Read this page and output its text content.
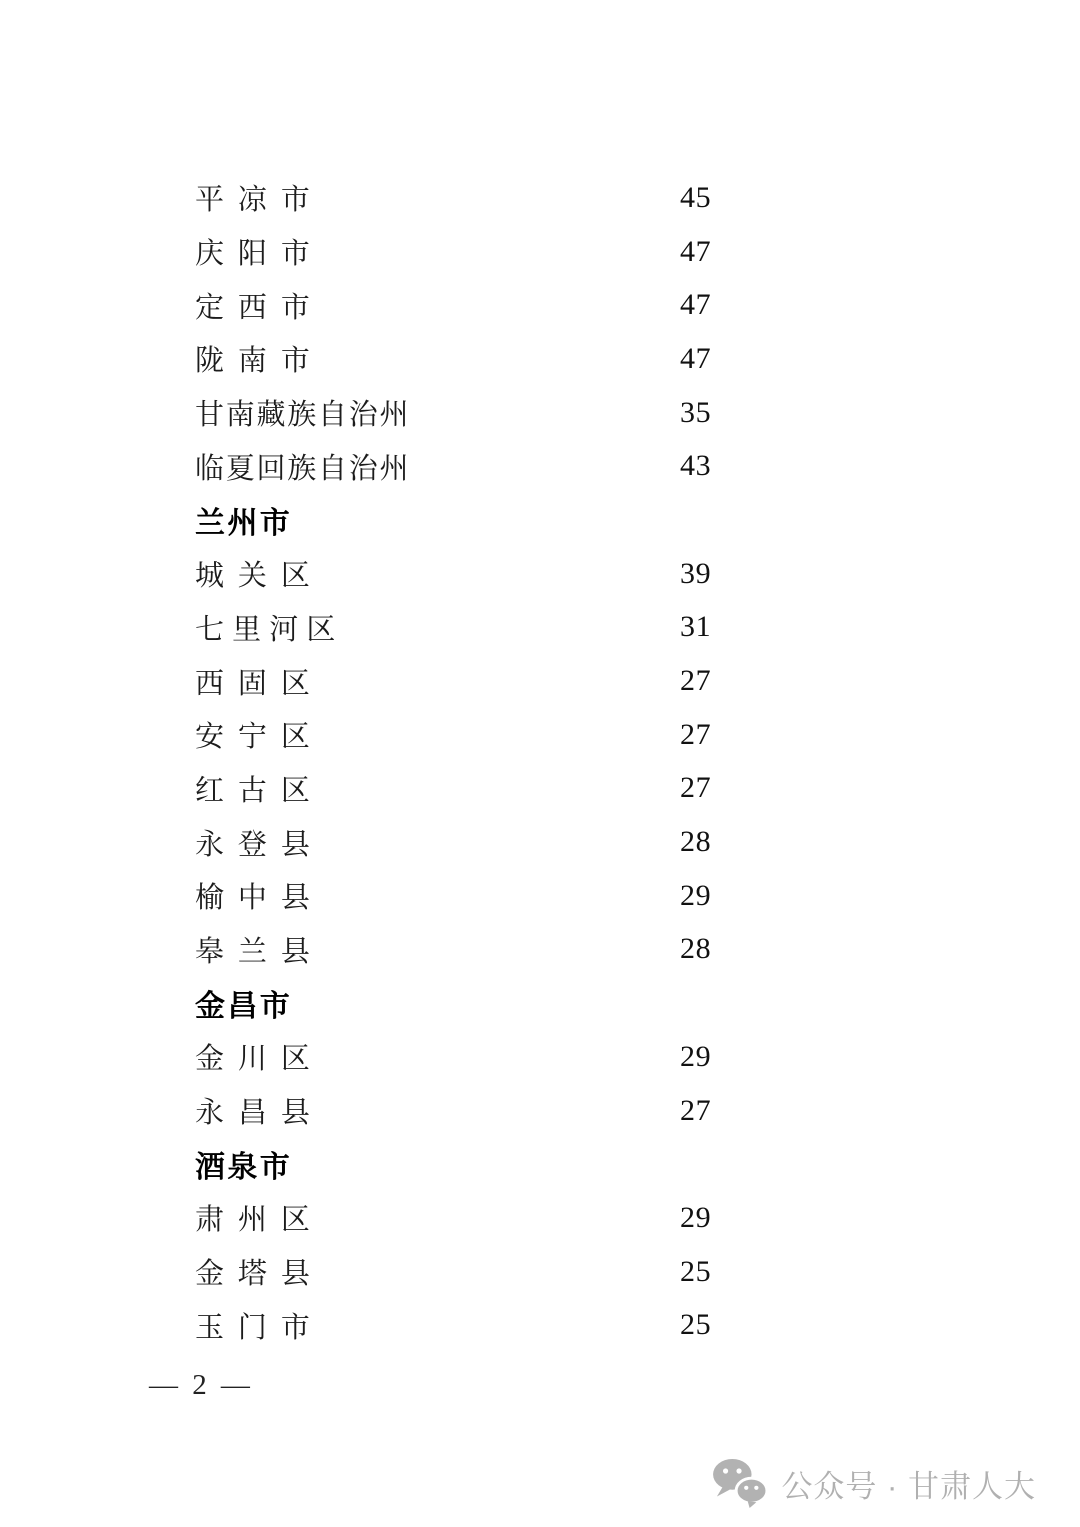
平凉市	45
庆阳市	47
定西市	47
陇南市	47
甘南藏族自治州	35
临夏回族自治州	43
兰州市
城关区	39
七里河区	31
西固区	27
安宁区	27
红古区	27
永登县	28
榆中县	29
皋兰县	28
金昌市
金川区	29
永昌县	27
酒泉市
肃州区	29
金塔县	25
玉门市	25
— 2 —
公众号 · 甘肃人大
